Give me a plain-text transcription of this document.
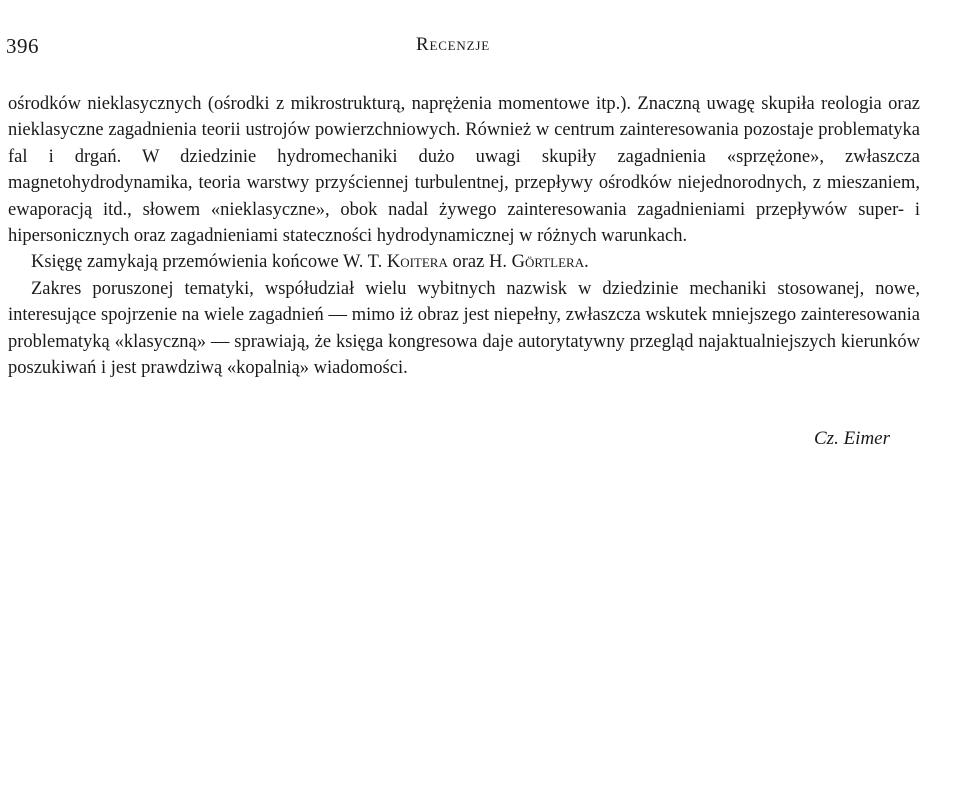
396	Recenzje

ośrodków nieklasycznych (ośrodki z mikrostrukturą, naprężenia momentowe itp.). Znaczną uwagę skupiła reologia oraz nieklasyczne zagadnienia teorii ustrojów powierzchniowych. Również w centrum zainteresowania pozostaje problematyka fal i drgań. W dziedzinie hydromechaniki dużo uwagi skupiły zagadnienia «sprzężone», zwłaszcza magnetohydrodynamika, teoria warstwy przyściennej turbulentnej, przepływy ośrodków niejednorodnych, z mieszaniem, ewaporacją itd., słowem «nieklasyczne», obok nadal żywego zainteresowania zagadnieniami przepływów super- i hipersonicznych oraz zagadnieniami stateczności hydrodynamicznej w różnych warunkach.

Księgę zamykają przemówienia końcowe W. T. Koitera oraz H. Görtlera.

Zakres poruszonej tematyki, współudział wielu wybitnych nazwisk w dziedzinie mechaniki stosowanej, nowe, interesujące spojrzenie na wiele zagadnień — mimo iż obraz jest niepełny, zwłaszcza wskutek mniejszego zainteresowania problematyką «klasyczną» — sprawiają, że księga kongresowa daje autorytatywny przegląd najaktualniejszych kierunków poszukiwań i jest prawdziwą «kopalnią» wiadomości.

Cz. Eimer
